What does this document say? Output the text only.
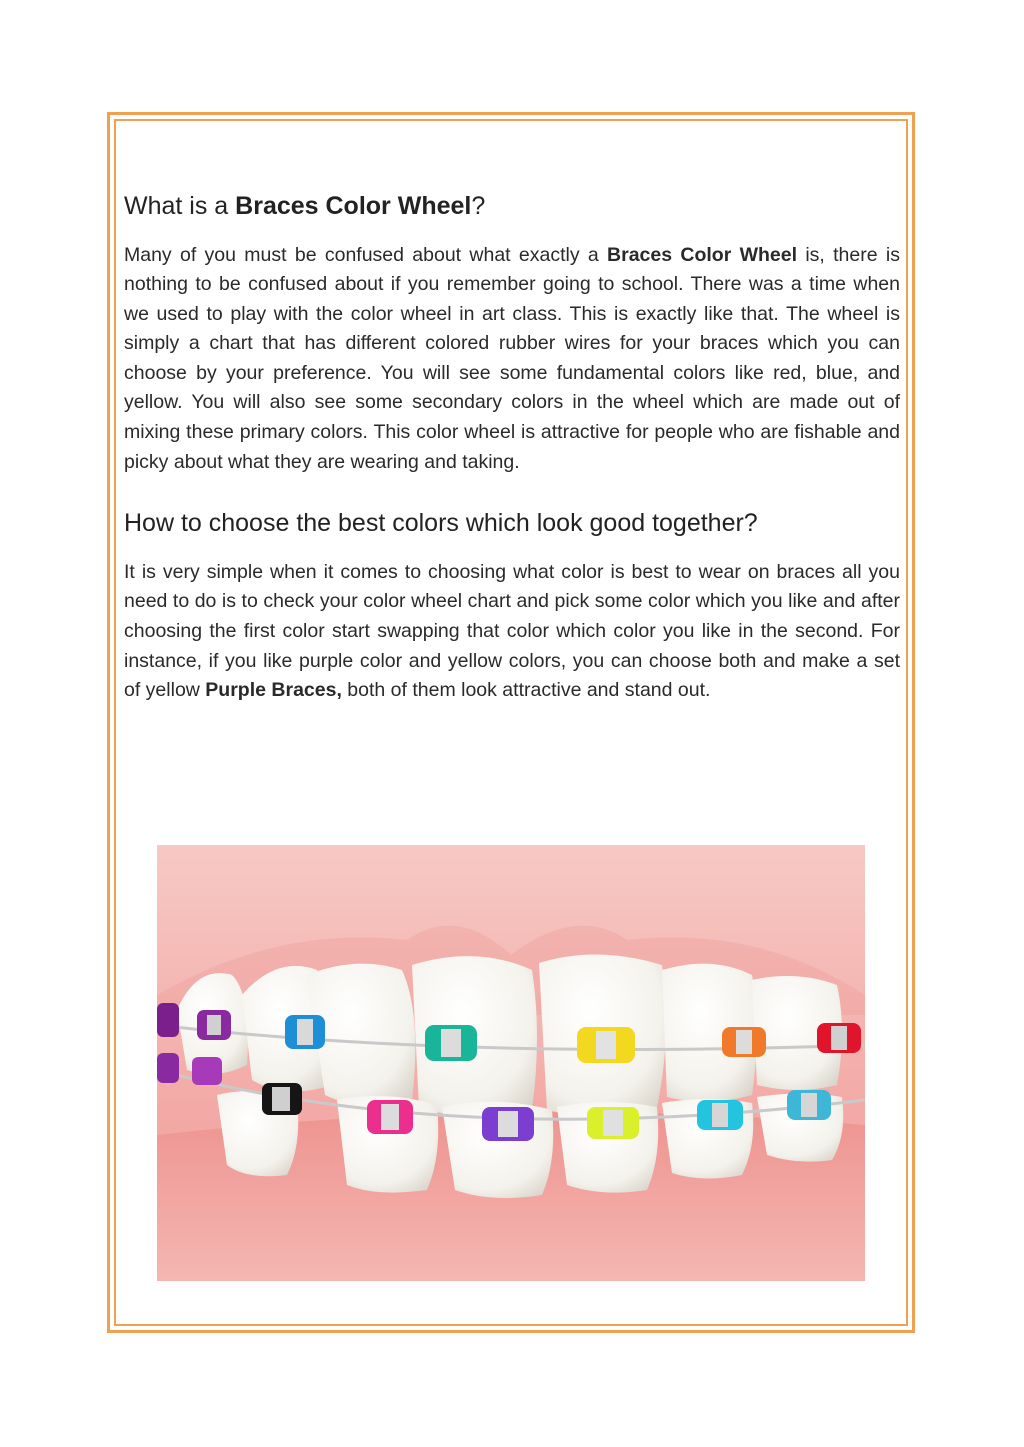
What is a Braces Color Wheel?

Many of you must be confused about what exactly a Braces Color Wheel is, there is nothing to be confused about if you remember going to school. There was a time when we used to play with the color wheel in art class. This is exactly like that. The wheel is simply a chart that has different colored rubber wires for your braces which you can choose by your preference. You will see some fundamental colors like red, blue, and yellow. You will also see some secondary colors in the wheel which are made out of mixing these primary colors. This color wheel is attractive for people who are fishable and picky about what they are wearing and taking.

How to choose the best colors which look good together?

It is very simple when it comes to choosing what color is best to wear on braces all you need to do is to check your color wheel chart and pick some color which you like and after choosing the first color start swapping that color which color you like in the second. For instance, if you like purple color and yellow colors, you can choose both and make a set of yellow Purple Braces, both of them look attractive and stand out.
